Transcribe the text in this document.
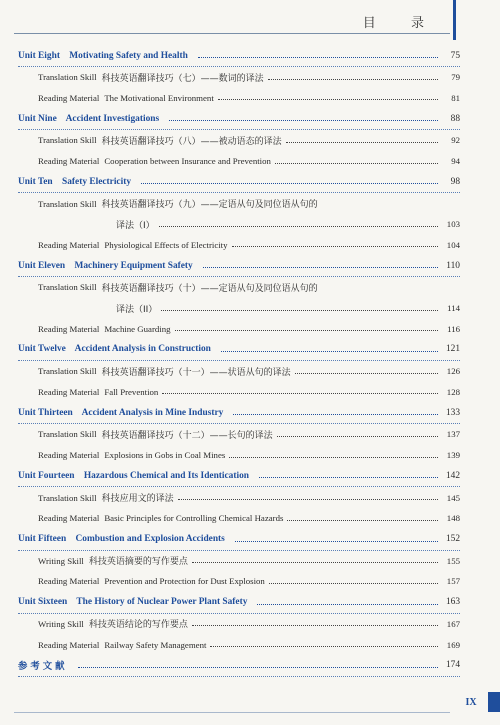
目 录
Unit Eight    Motivating Safety and Health	75
Translation Skill 科技英语翻译技巧（七）——数词的译法	79
Reading Material The Motivational Environment	81
Unit Nine    Accident Investigations	88
Translation Skill 科技英语翻译技巧（八）——被动语态的译法	92
Reading Material Cooperation between Insurance and Prevention	94
Unit Ten    Safety Electricity	98
Translation Skill 科技英语翻译技巧（九）——定语从句及同位语从句的
译法（I）	103
Reading Material Physiological Effects of Electricity	104
Unit Eleven    Machinery Equipment Safety	110
Translation Skill 科技英语翻译技巧（十）——定语从句及同位语从句的
译法（II）	114
Reading Material Machine Guarding	116
Unit Twelve    Accident Analysis in Construction	121
Translation Skill 科技英语翻译技巧（十一）——状语从句的译法	126
Reading Material Fall Prevention	128
Unit Thirteen    Accident Analysis in Mine Industry	133
Translation Skill 科技英语翻译技巧（十二）——长句的译法	137
Reading Material Explosions in Gobs in Coal Mines	139
Unit Fourteen    Hazardous Chemical and Its Identication	142
Translation Skill 科技应用文的译法	145
Reading Material Basic Principles for Controlling Chemical Hazards	148
Unit Fifteen    Combustion and Explosion Accidents	152
Writing Skill 科技英语摘要的写作要点	155
Reading Material Prevention and Protection for Dust Explosion	157
Unit Sixteen    The History of Nuclear Power Plant Safety	163
Writing Skill 科技英语结论的写作要点	167
Reading Material Railway Safety Management	169
参考文献	174
IX
